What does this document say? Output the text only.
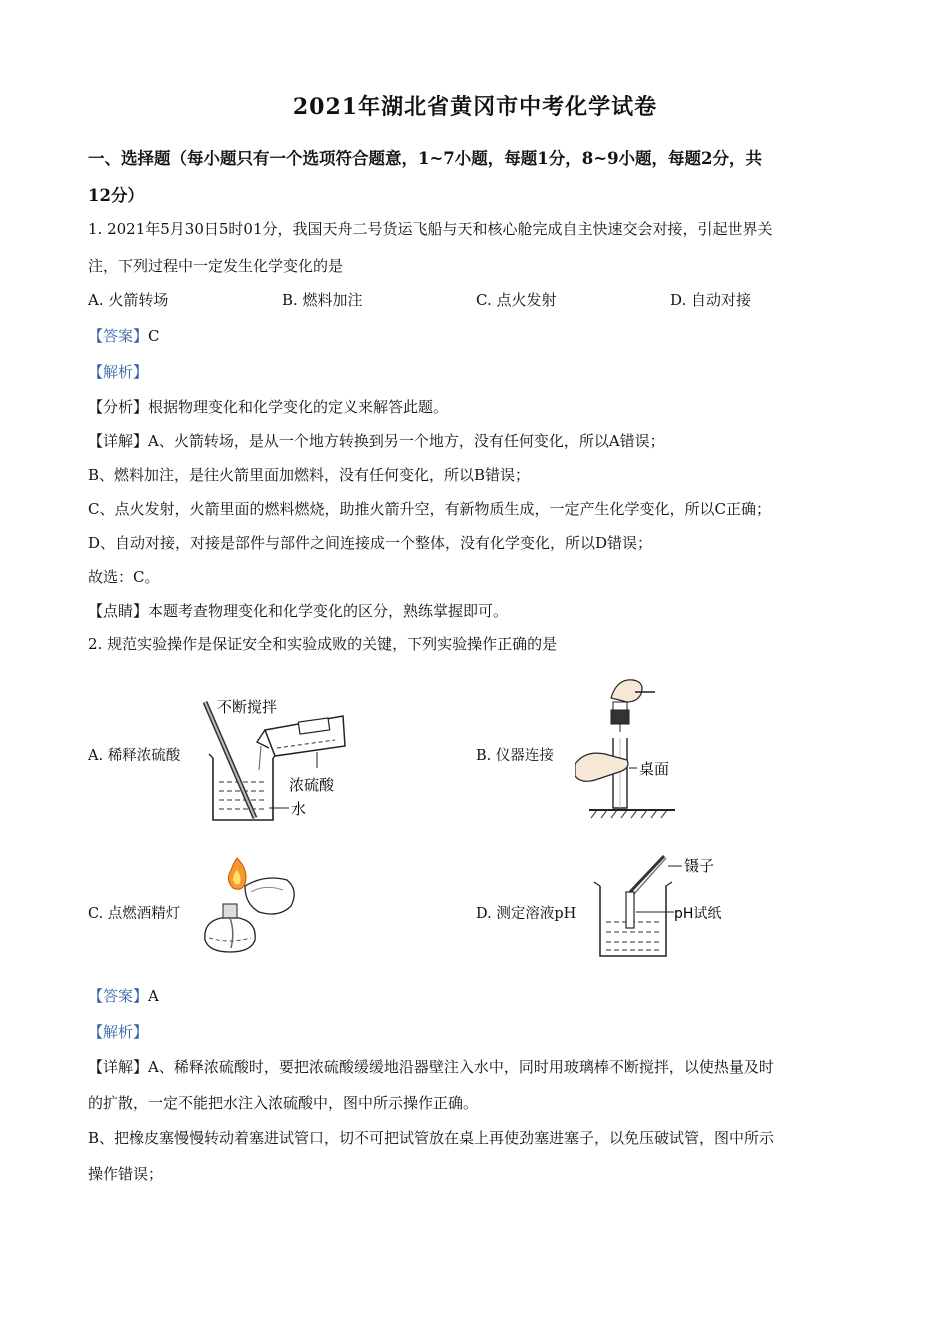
2021年湖北省黄冈市中考化学试卷
一、选择题（每小题只有一个选项符合题意，1~7小题，每题1分，8~9小题，每题2分，共
12分）
1. 2021年5月30日5时01分，我国天舟二号货运飞船与天和核心舱完成自主快速交会对接，引起世界关
注，下列过程中一定发生化学变化的是
A. 火箭转场	B. 燃料加注	C. 点火发射	D. 自动对接
【答案】C
【解析】
【分析】根据物理变化和化学变化的定义来解答此题。
【详解】A、火箭转场，是从一个地方转换到另一个地方，没有任何变化，所以A错误；
B、燃料加注，是往火箭里面加燃料，没有任何变化，所以B错误；
C、点火发射，火箭里面的燃料燃烧，助推火箭升空，有新物质生成，一定产生化学变化，所以C正确；
D、自动对接，对接是部件与部件之间连接成一个整体，没有化学变化，所以D错误；
故选：C。
【点睛】本题考查物理变化和化学变化的区分，熟练掌握即可。
2. 规范实验操作是保证安全和实验成败的关键，下列实验操作正确的是
A. 稀释浓硫酸	B. 仪器连接
C. 点燃酒精灯	D. 测定溶液pH
不断搅拌
浓硫酸
水
桌面
镊子
pH试纸
【答案】A
【解析】
【详解】A、稀释浓硫酸时，要把浓硫酸缓缓地沿器壁注入水中，同时用玻璃棒不断搅拌，以使热量及时
的扩散，一定不能把水注入浓硫酸中，图中所示操作正确。
B、把橡皮塞慢慢转动着塞进试管口，切不可把试管放在桌上再使劲塞进塞子，以免压破试管，图中所示
操作错误；
